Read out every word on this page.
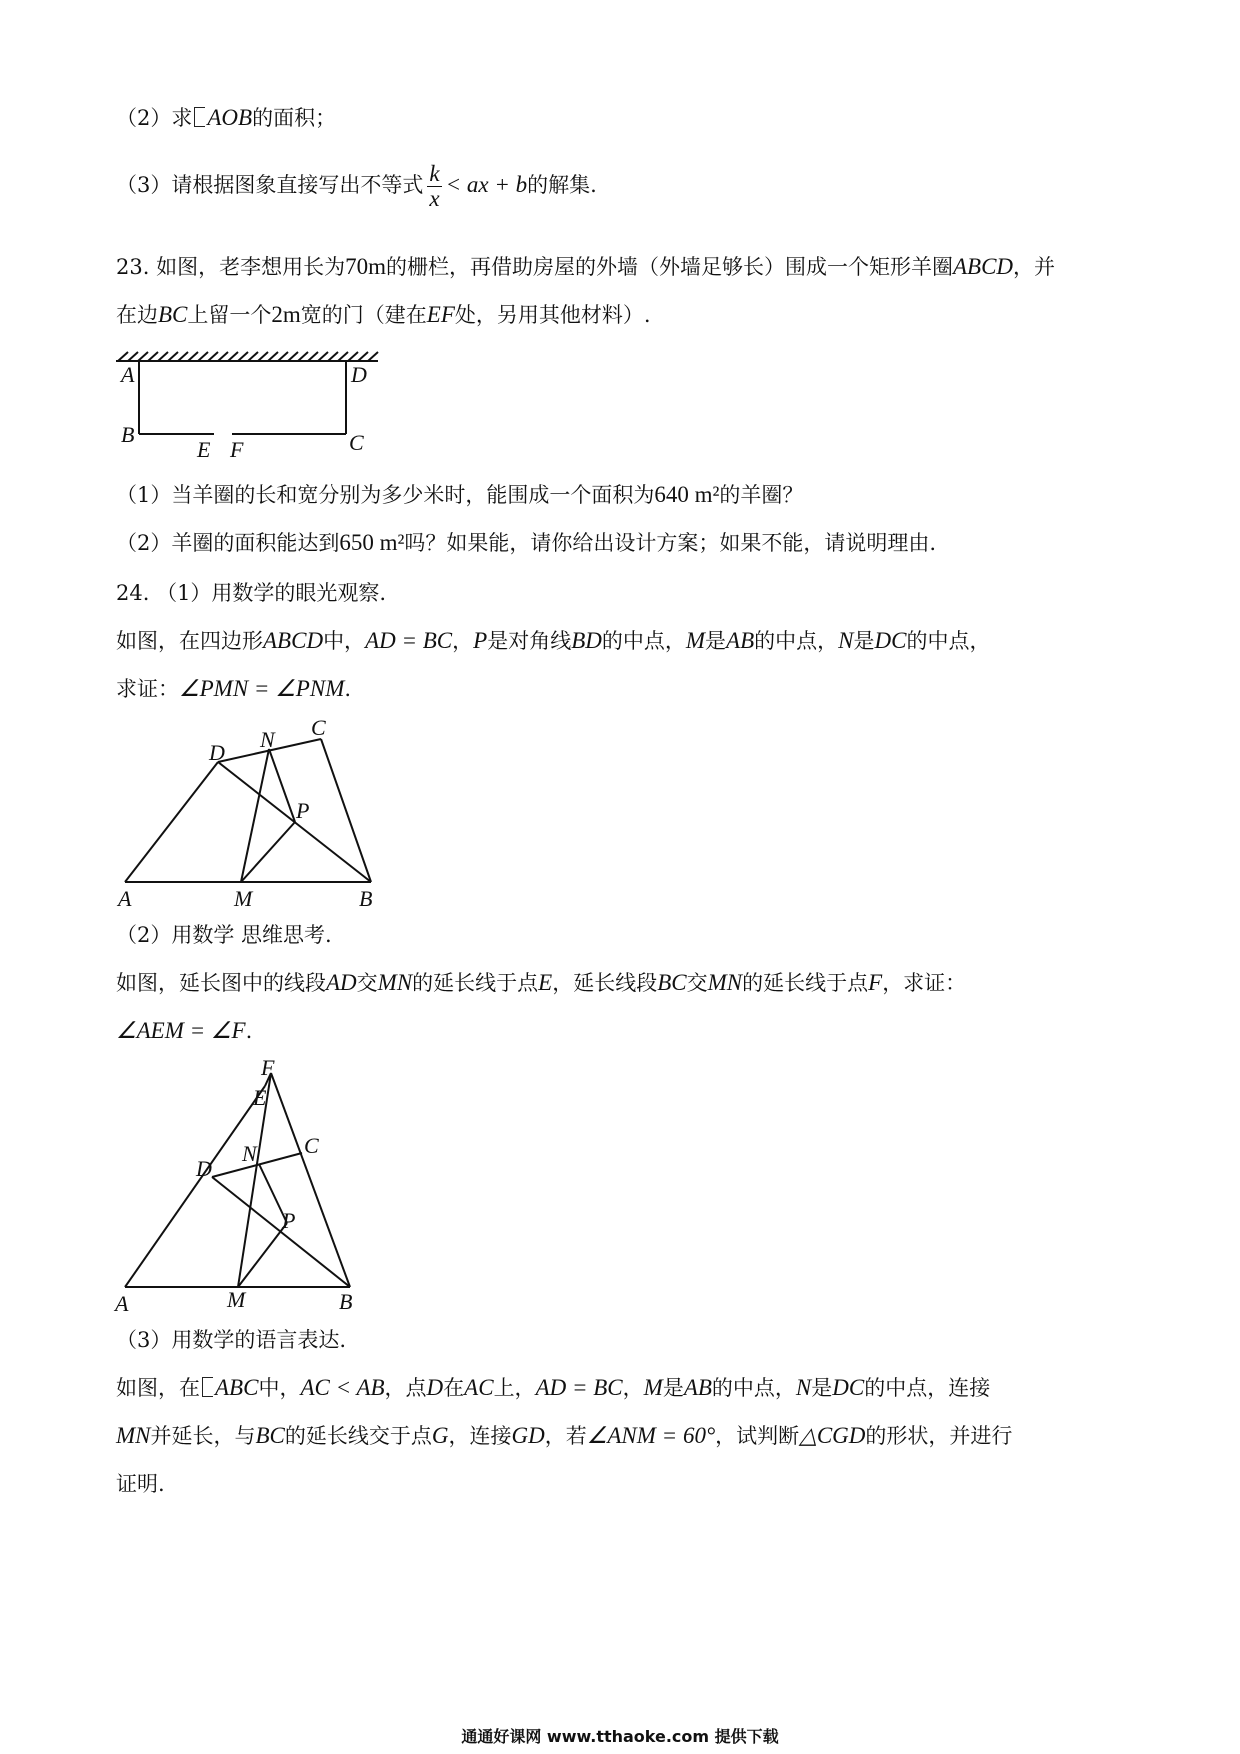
（2）求 AOB的面积；
（3）请根据图象直接写出不等式 $\frac{k}{x}$ < ax + b的解集.
23. 如图，老李想用长为70m的栅栏，再借助房屋的外墙（外墙足够长）围成一个矩形羊圈ABCD，并
在边BC上留一个2m宽的门（建在EF处，另用其他材料）.
A	D
B	C
E F
（1）当羊圈的长和宽分别为多少米时，能围成一个面积为640 m²的羊圈？
（2）羊圈的面积能达到650 m²吗？如果能，请你给出设计方案；如果不能，请说明理由.
24. （1）用数学的眼光观察.
如图，在四边形ABCD中，AD = BC，P是对角线BD的中点，M是AB的中点，N是DC的中点，
求证：∠PMN = ∠PNM.
A	M	B
D
N C
P
（2）用数学 思维思考.
如图，延长图中的线段AD交MN的延长线于点E，延长线段BC交MN的延长线于点F，求证：
∠AEM = ∠F.
A	M	B
D
N C
P
E
F
（3）用数学的语言表达.
如图，在 ABC中，AC < AB，点D在AC上，AD = BC，M是AB的中点，N是DC的中点，连接
MN并延长，与BC的延长线交于点G，连接GD，若∠ANM = 60°，试判断△CGD的形状，并进行
证明.
通通好课网 www.tthaoke.com 提供下载
